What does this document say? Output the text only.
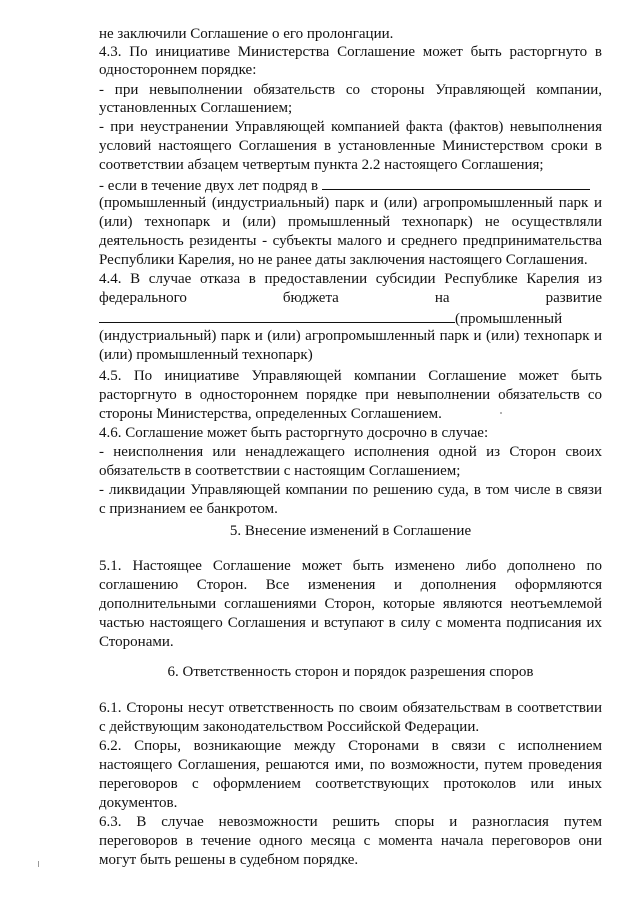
не заключили Соглашение о его пролонгации.
4.3. По инициативе Министерства Соглашение может быть расторгнуто в
одностороннем порядке:
- при невыполнении обязательств со стороны Управляющей компании,
установленных Соглашением;
- при неустранении Управляющей компанией факта (фактов) невыполнения
условий настоящего Соглашения в установленные Министерством сроки в
соответствии абзацем четвертым пункта 2.2 настоящего Соглашения;
- если в течение двух лет подряд в
(промышленный (индустриальный) парк и (или) агропромышленный парк и
(или) технопарк и (или) промышленный технопарк) не осуществляли
деятельность резиденты - субъекты малого и среднего предпринимательства
Республики Карелия, но не ранее даты заключения настоящего Соглашения.
4.4. В случае отказа в предоставлении субсидии Республике Карелия из
федерального бюджета на развитие
(промышленный
(индустриальный) парк и (или) агропромышленный парк и (или) технопарк и
(или) промышленный технопарк)
4.5. По инициативе Управляющей компании Соглашение может быть
расторгнуто в одностороннем порядке при невыполнении обязательств со
стороны Министерства, определенных Соглашением.
4.6. Соглашение может быть расторгнуто досрочно в случае:
- неисполнения или ненадлежащего исполнения одной из Сторон своих
обязательств в соответствии с настоящим Соглашением;
- ликвидации Управляющей компании по решению суда, в том числе в связи
с признанием ее банкротом.
5. Внесение изменений в Соглашение
5.1. Настоящее Соглашение может быть изменено либо дополнено по
соглашению Сторон. Все изменения и дополнения оформляются
дополнительными соглашениями Сторон, которые являются неотъемлемой
частью настоящего Соглашения и вступают в силу с момента подписания их
Сторонами.
6. Ответственность сторон и порядок разрешения споров
6.1. Стороны несут ответственность по своим обязательствам в соответствии
с действующим законодательством Российской Федерации.
6.2. Споры, возникающие между Сторонами в связи с исполнением
настоящего Соглашения, решаются ими, по возможности, путем проведения
переговоров с оформлением соответствующих протоколов или иных
документов.
6.3. В случае невозможности решить споры и разногласия путем
переговоров в течение одного месяца с момента начала переговоров они
могут быть решены в судебном порядке.
